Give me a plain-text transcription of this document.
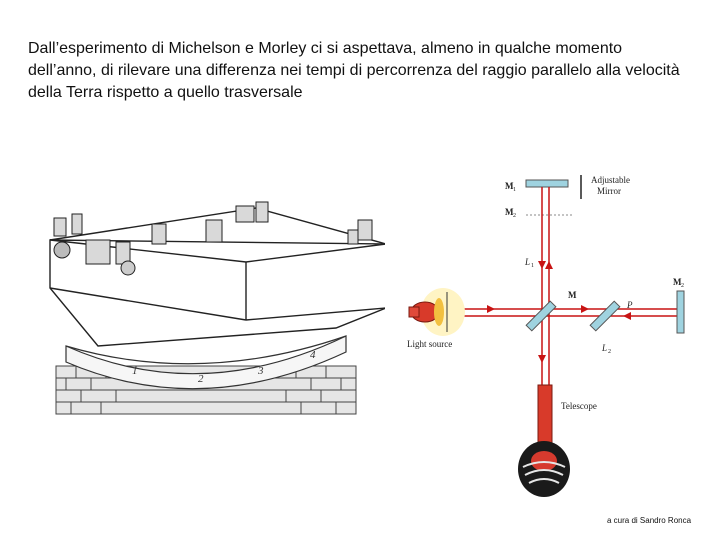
Dall’esperimento di Michelson e Morley ci si aspettava, almeno in qualche momento dell’anno, di rilevare una differenza nei tempi di percorrenza del raggio parallelo alla velocità della Terra rispetto a quello trasversale
1
2
3
4
M 1
M 2
Adjustable
Mirror
L 1
M
P
L 2
M 2
Light source
Telescope
a cura di Sandro Ronca
